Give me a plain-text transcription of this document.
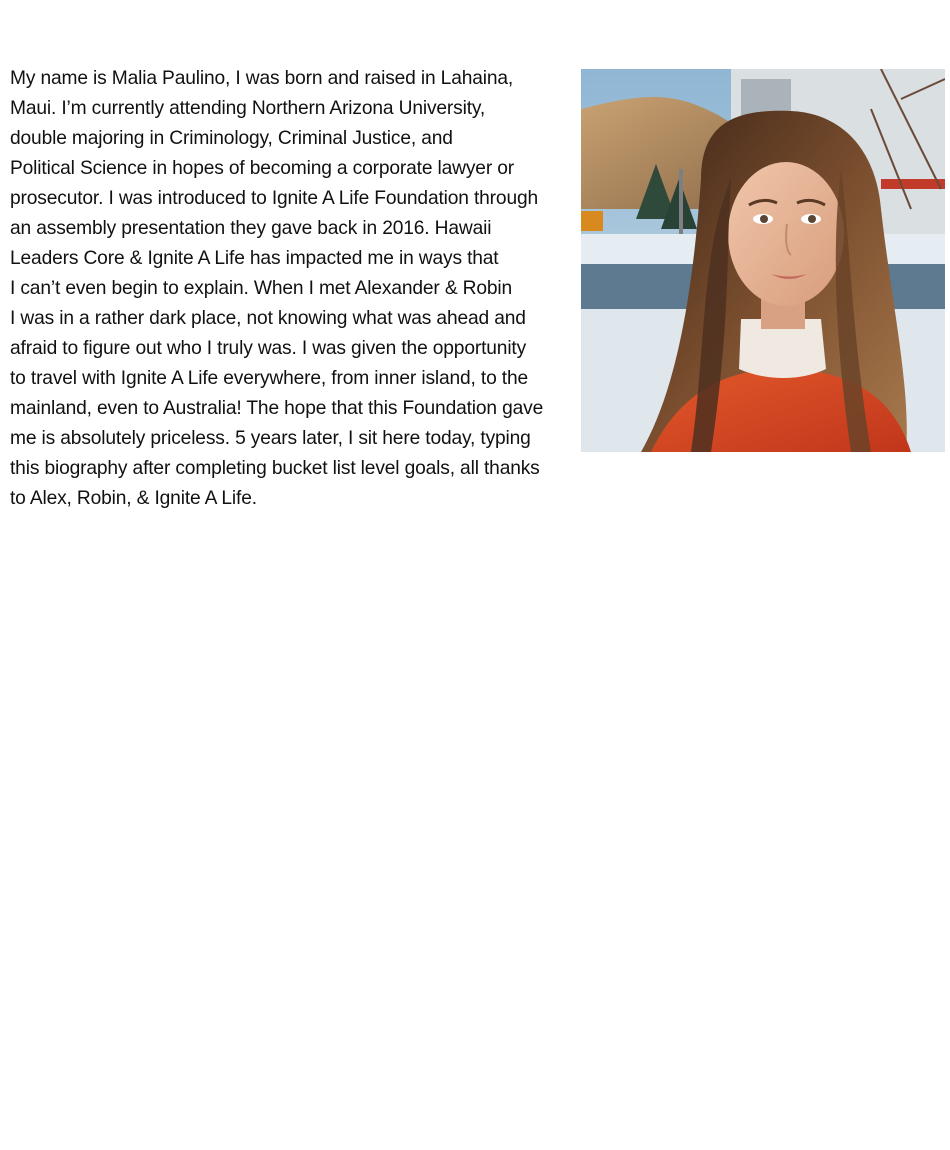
My name is Malia Paulino, I was born and raised in Lahaina,
Maui. I’m currently attending Northern Arizona University,
double majoring in Criminology, Criminal Justice, and
Political Science in hopes of becoming a corporate lawyer or
prosecutor. I was introduced to Ignite A Life Foundation through
an assembly presentation they gave back in 2016. Hawaii
Leaders Core & Ignite A Life has impacted me in ways that
I can’t even begin to explain. When I met Alexander & Robin
I was in a rather dark place, not knowing what was ahead and
afraid to figure out who I truly was. I was given the opportunity
to travel with Ignite A Life everywhere, from inner island, to the
mainland, even to Australia! The hope that this Foundation gave
me is absolutely priceless. 5 years later, I sit here today, typing
this biography after completing bucket list level goals, all thanks
to Alex, Robin, & Ignite A Life.
